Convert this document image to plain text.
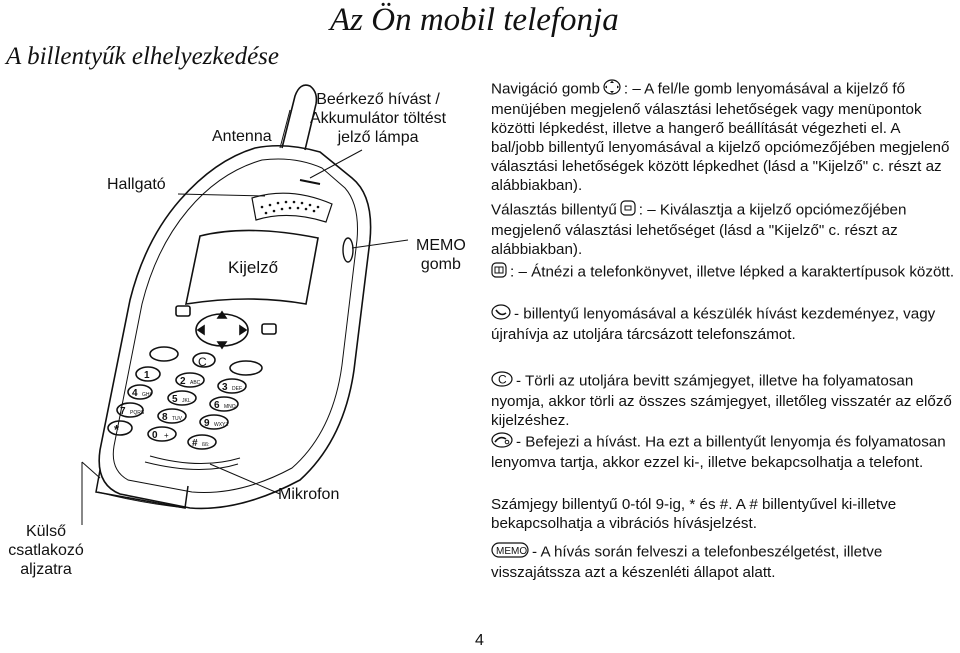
Az Ön mobil telefonja
A billentyűk elhelyezkedése
C
1
2 ABC 3 DEF
4 GHI 5 JKL 6 MNO
7 PQRS 8 TUV 9 WXYZ
*	0 +
# ßß:
Hallgató
Antenna
Beérkező hívást /
Akkumulátor töltést
jelző lámpa
MEMO
gomb
Kijelző
Mikrofon
Külső
csatlakozó
aljzatra
Navigáció gomb : – A fel/le gomb lenyomásával a kijelző fő menüjében megjelenő választási lehetőségek vagy menüpontok közötti lépkedést, illetve a hangerő beállítását végezheti el. A bal/jobb billentyű lenyomásával a kijelző opciómezőjében megjelenő választási lehetőségek között lépkedhet (lásd a "Kijelző" c. részt az alábbiakban).
Választás billentyű : – Kiválasztja a kijelző opciómezőjében megjelenő választási lehetőséget (lásd a "Kijelző" c. részt az alábbiakban).
: – Átnézi a telefonkönyvet, illetve lépked a karaktertípusok között.
- billentyű lenyomásával a készülék hívást kezdeményez, vagy újrahívja az utoljára tárcsázott telefonszámot.
C - Törli az utoljára bevitt számjegyet, illetve ha folyamatosan nyomja, akkor törli az összes számjegyet, illetőleg visszatér az előző kijelzéshez.
- Befejezi a hívást. Ha ezt a billentyűt lenyomja és folyamatosan lenyomva tartja, akkor ezzel ki-, illetve bekapcsolhatja a telefont.
Számjegy billentyű 0-tól 9-ig, * és #. A # billentyűvel ki-illetve bekapcsolhatja a vibrációs hívásjelzést.
MEMO - A hívás során felveszi a telefonbeszélgetést, illetve visszajátssza azt a készenléti állapot alatt.
4
